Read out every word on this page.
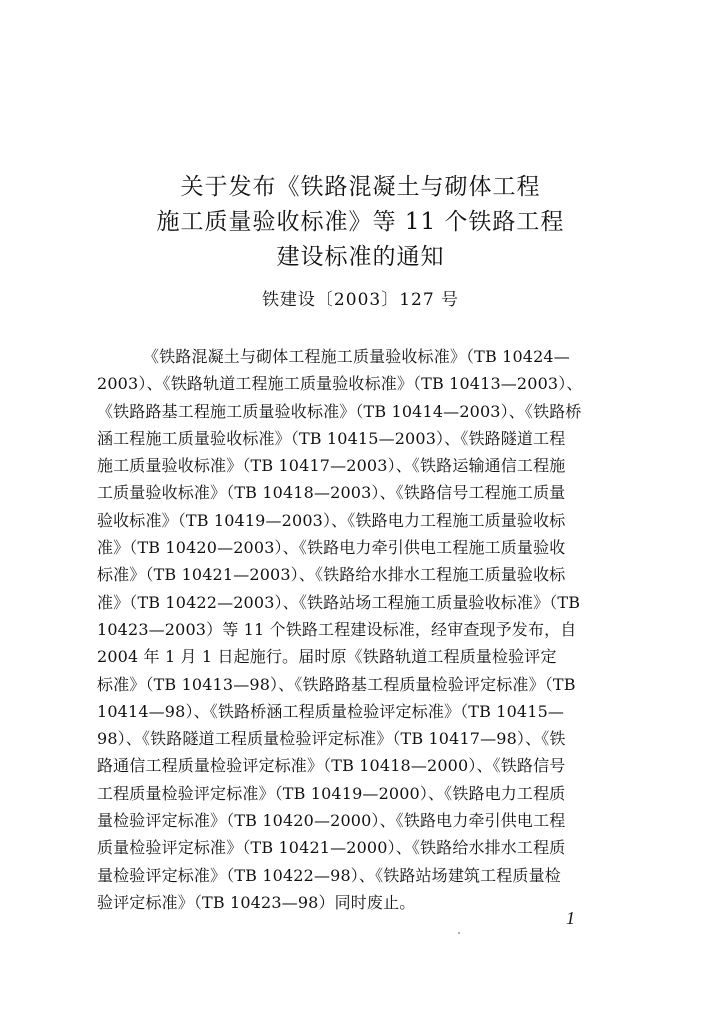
关于发布《铁路混凝土与砌体工程
施工质量验收标准》等 11 个铁路工程
建设标准的通知
铁建设〔2003〕127 号
《铁路混凝土与砌体工程施工质量验收标准》（TB 10424—
2003）、《铁路轨道工程施工质量验收标准》（TB 10413—2003）、
《铁路路基工程施工质量验收标准》（TB 10414—2003）、《铁路桥
涵工程施工质量验收标准》（TB 10415—2003）、《铁路隧道工程
施工质量验收标准》（TB 10417—2003）、《铁路运输通信工程施
工质量验收标准》（TB 10418—2003）、《铁路信号工程施工质量
验收标准》（TB 10419—2003）、《铁路电力工程施工质量验收标
准》（TB 10420—2003）、《铁路电力牵引供电工程施工质量验收
标准》（TB 10421—2003）、《铁路给水排水工程施工质量验收标
准》（TB 10422—2003）、《铁路站场工程施工质量验收标准》（TB
10423—2003）等 11 个铁路工程建设标准，经审查现予发布，自
2004 年 1 月 1 日起施行。届时原《铁路轨道工程质量检验评定
标准》（TB 10413—98）、《铁路路基工程质量检验评定标准》（TB
10414—98）、《铁路桥涵工程质量检验评定标准》（TB 10415—
98）、《铁路隧道工程质量检验评定标准》（TB 10417—98）、《铁
路通信工程质量检验评定标准》（TB 10418—2000）、《铁路信号
工程质量检验评定标准》（TB 10419—2000）、《铁路电力工程质
量检验评定标准》（TB 10420—2000）、《铁路电力牵引供电工程
质量检验评定标准》（TB 10421—2000）、《铁路给水排水工程质
量检验评定标准》（TB 10422—98）、《铁路站场建筑工程质量检
验评定标准》（TB 10423—98）同时废止。
1
